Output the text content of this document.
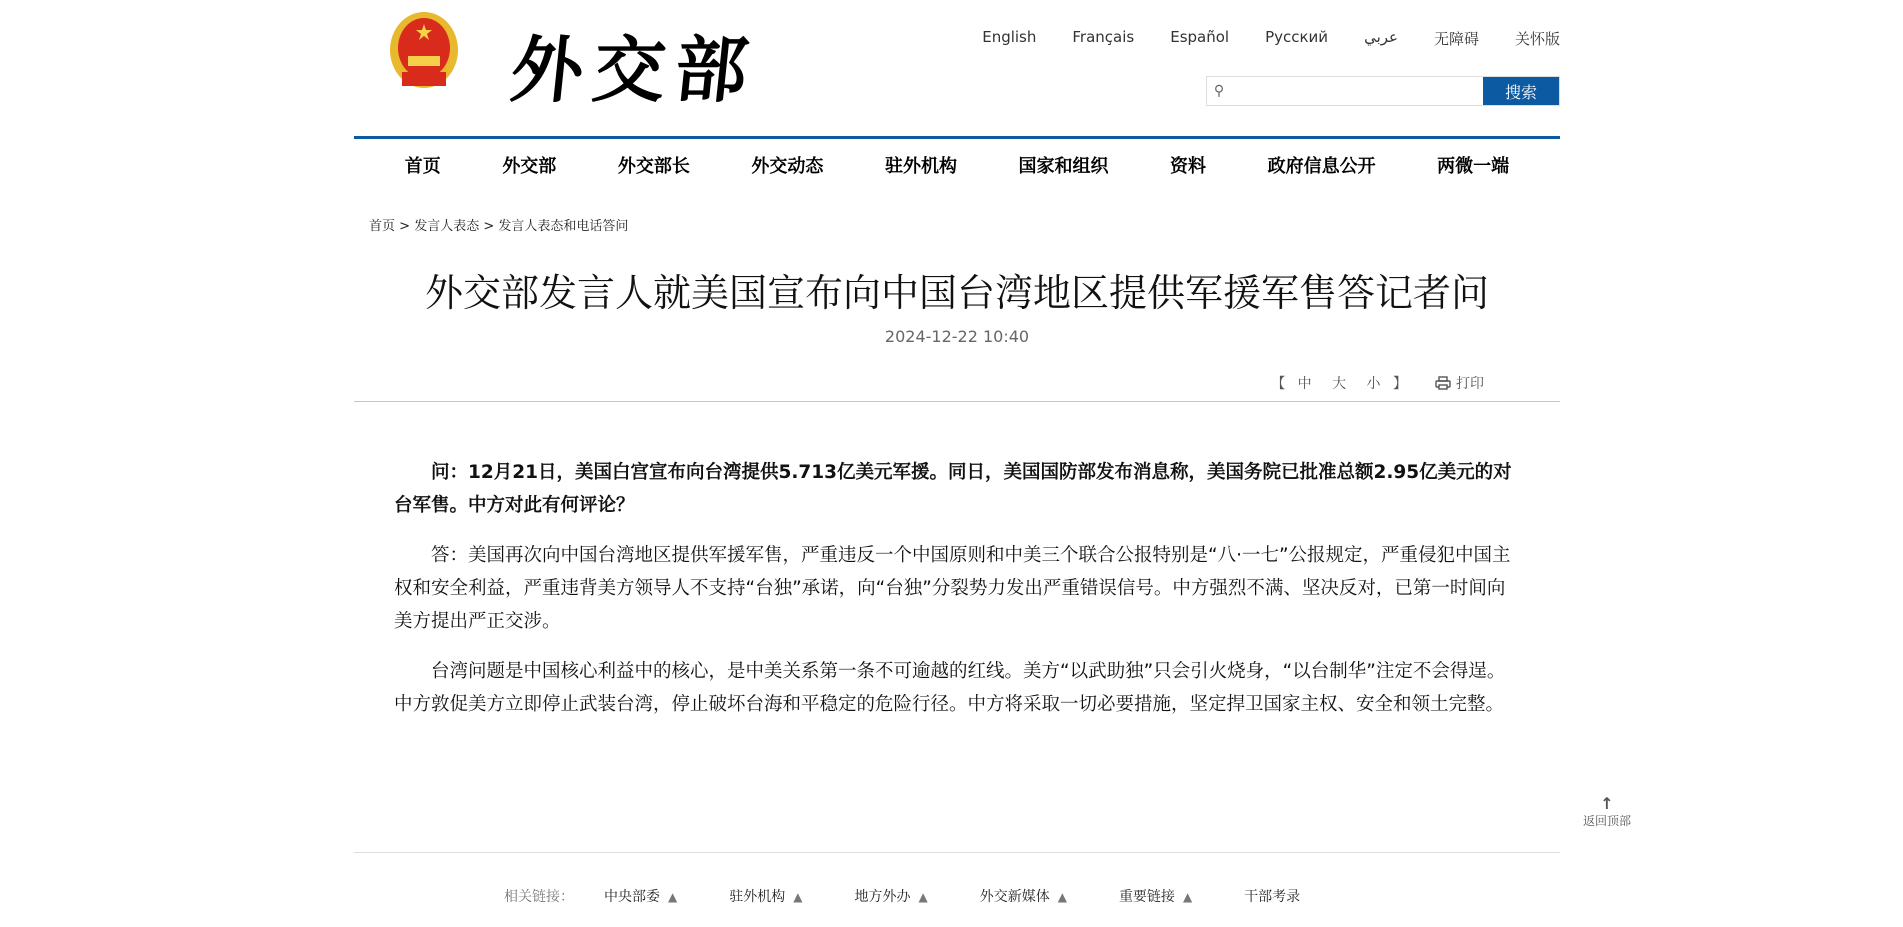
外交部	English Français Español Русский عربي 无障碍 关怀版
⚲	搜索
首页	外交部	外交部长	外交动态	驻外机构	国家和组织	资料	政府信息公开	两微一端
首页 > 发言人表态 > 发言人表态和电话答问
外交部发言人就美国宣布向中国台湾地区提供军援军售答记者问
2024-12-22 10:40
【 中 大 小 】	打印

问：12月21日，美国白宫宣布向台湾提供5.713亿美元军援。同日，美国国防部发布消息称，美国务院已批准总额2.95亿美元的对台军售。中方对此有何评论？

答：美国再次向中国台湾地区提供军援军售，严重违反一个中国原则和中美三个联合公报特别是“八·一七”公报规定，严重侵犯中国主权和安全利益，严重违背美方领导人不支持“台独”承诺，向“台独”分裂势力发出严重错误信号。中方强烈不满、坚决反对，已第一时间向美方提出严正交涉。

台湾问题是中国核心利益中的核心，是中美关系第一条不可逾越的红线。美方“以武助独”只会引火烧身，“以台制华”注定不会得逞。中方敦促美方立即停止武装台湾，停止破坏台海和平稳定的危险行径。中方将采取一切必要措施，坚定捍卫国家主权、安全和领土完整。

↑
返回顶部
相关链接： 中央部委 ▲	驻外机构 ▲	地方外办 ▲	外交新媒体 ▲	重要链接 ▲	干部考录
